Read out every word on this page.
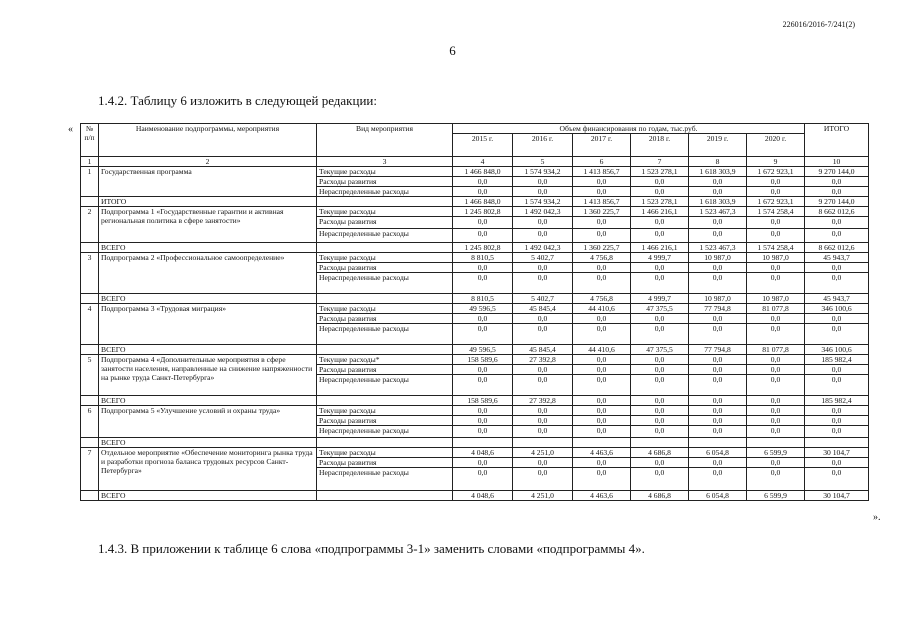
226016/2016-7/241(2)
6
1.4.2. Таблицу 6 изложить в следующей редакции:
« № п/п	Наименование подпрограммы, мероприятия	Вид мероприятия	Объем финансирования по годам, тыс.руб.						ИТОГО
			2015 г.	2016 г.	2017 г.	2018 г.	2019 г.	2020 г.	
1	2	3	4	5	6	7	8	9	10
1	Государственная программа	Текущие расходы	1 466 848,0	1 574 934,2	1 413 856,7	1 523 278,1	1 618 303,9	1 672 923,1	9 270 144,0
		Расходы развития	0,0	0,0	0,0	0,0	0,0	0,0	0,0
		Нераспределенные расходы	0,0	0,0	0,0	0,0	0,0	0,0	0,0
	ИТОГО		1 466 848,0	1 574 934,2	1 413 856,7	1 523 278,1	1 618 303,9	1 672 923,1	9 270 144,0
2	Подпрограмма 1 «Государственные гарантии и активная региональная политика в сфере занятости»	Текущие расходы	1 245 802,8	1 492 042,3	1 360 225,7	1 466 216,1	1 523 467,3	1 574 258,4	8 662 012,6
		Расходы развития	0,0	0,0	0,0	0,0	0,0	0,0	0,0
		Нераспределенные расходы	0,0	0,0	0,0	0,0	0,0	0,0	0,0
	ВСЕГО		1 245 802,8	1 492 042,3	1 360 225,7	1 466 216,1	1 523 467,3	1 574 258,4	8 662 012,6
3	Подпрограмма 2 «Профессиональное самоопределение»	Текущие расходы	8 810,5	5 402,7	4 756,8	4 999,7	10 987,0	10 987,0	45 943,7
		Расходы развития	0,0	0,0	0,0	0,0	0,0	0,0	0,0
		Нераспределенные расходы	0,0	0,0	0,0	0,0	0,0	0,0	0,0
	ВСЕГО		8 810,5	5 402,7	4 756,8	4 999,7	10 987,0	10 987,0	45 943,7
4	Подпрограмма 3 «Трудовая миграция»	Текущие расходы	49 596,5	45 845,4	44 410,6	47 375,5	77 794,8	81 077,8	346 100,6
		Расходы развития	0,0	0,0	0,0	0,0	0,0	0,0	0,0
		Нераспределенные расходы	0,0	0,0	0,0	0,0	0,0	0,0	0,0
	ВСЕГО		49 596,5	45 845,4	44 410,6	47 375,5	77 794,8	81 077,8	346 100,6
5	Подпрограмма 4 «Дополнительные мероприятия в сфере занятости населения, направленные на снижение напряженности на рынке труда Санкт-Петербурга»	Текущие расходы*	158 589,6	27 392,8	0,0	0,0	0,0	0,0	185 982,4
		Расходы развития	0,0	0,0	0,0	0,0	0,0	0,0	0,0
		Нераспределенные расходы	0,0	0,0	0,0	0,0	0,0	0,0	0,0
	ВСЕГО		158 589,6	27 392,8	0,0	0,0	0,0	0,0	185 982,4
6	Подпрограмма 5 «Улучшение условий и охраны труда»	Текущие расходы	0,0	0,0	0,0	0,0	0,0	0,0	0,0
		Расходы развития	0,0	0,0	0,0	0,0	0,0	0,0	0,0
		Нераспределенные расходы	0,0	0,0	0,0	0,0	0,0	0,0	0,0
	ВСЕГО								
7	Отдельное мероприятие «Обеспечение мониторинга рынка труда и разработки прогноза баланса трудовых ресурсов Санкт-Петербурга»	Текущие расходы	4 048,6	4 251,0	4 463,6	4 686,8	6 054,8	6 599,9	30 104,7
		Расходы развития	0,0	0,0	0,0	0,0	0,0	0,0	0,0
		Нераспределенные расходы	0,0	0,0	0,0	0,0	0,0	0,0	0,0
	ВСЕГО		4 048,6	4 251,0	4 463,6	4 686,8	6 054,8	6 599,9	30 104,7
».
1.4.3. В приложении к таблице 6 слова «подпрограммы 3-1» заменить словами «подпрограммы 4».
